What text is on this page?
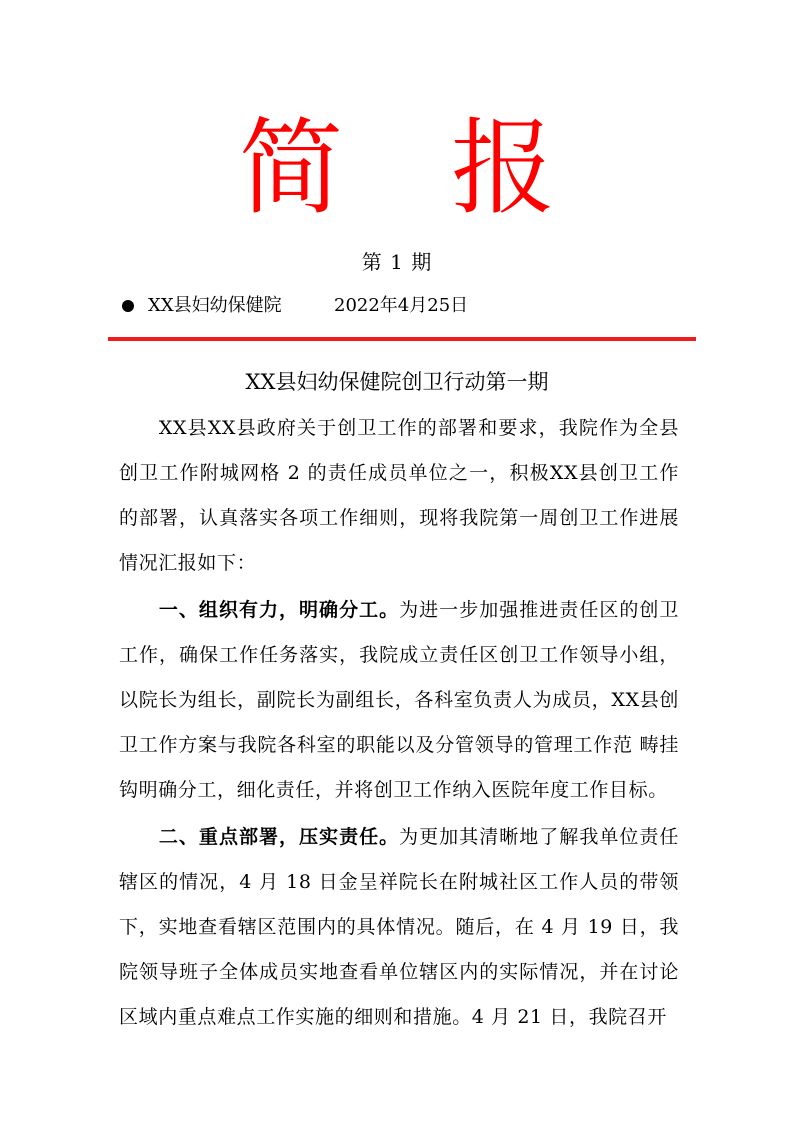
简 报
第 1 期
XX县妇幼保健院	2022年4月25日
XX县妇幼保健院创卫行动第一期

XX县XX县政府关于创卫工作的部署和要求，我院作为全县创卫工作附城网格 2 的责任成员单位之一，积极XX县创卫工作的部署，认真落实各项工作细则，现将我院第一周创卫工作进展情况汇报如下：

一、组织有力，明确分工。为进一步加强推进责任区的创卫工作，确保工作任务落实，我院成立责任区创卫工作领导小组，以院长为组长，副院长为副组长，各科室负责人为成员，XX县创卫工作方案与我院各科室的职能以及分管领导的管理工作范 畴挂钩明确分工，细化责任，并将创卫工作纳入医院年度工作目标。

二、重点部署，压实责任。为更加其清晰地了解我单位责任辖区的情况，4 月 18 日金呈祥院长在附城社区工作人员的带领下，实地查看辖区范围内的具体情况。随后，在 4 月 19 日，我院领导班子全体成员实地查看单位辖区内的实际情况，并在讨论区域内重点难点工作实施的细则和措施。4 月 21 日，我院召开
